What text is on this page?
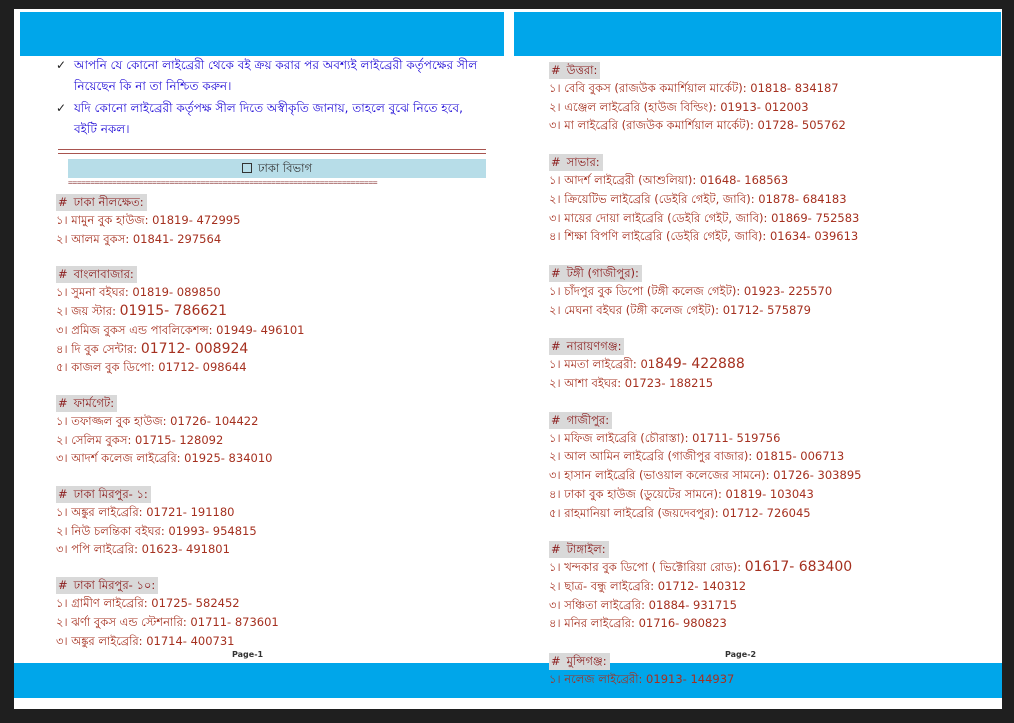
✓ আপনি যে কোনো লাইব্রেরী থেকে বই ক্রয় করার পর অবশ্যই লাইব্রেরী কর্তৃপক্ষের সীল নিয়েছেন কি না তা নিশ্চিত করুন।

✓ যদি কোনো লাইব্রেরী কর্তৃপক্ষ সীল দিতে অস্বীকৃতি জানায়, তাহলে বুঝে নিতে হবে, বইটি নকল।

ঢাকা বিভাগ
======================================================================
# ঢাকা নীলক্ষেত:
১। মামুন বুক হাউজ: 01819- 472995
২। আলম বুকস: 01841- 297564
# বাংলাবাজার:
১। সুমনা বইঘর: 01819- 089850
২। জয় স্টার: 01915- 786621
৩। প্রমিজ বুকস এন্ড পাবলিকেশন্স: 01949- 496101
৪। দি বুক সেন্টার: 01712- 008924
৫। কাজল বুক ডিপো: 01712- 098644
# ফার্মগেট:
১। তফাজ্জল বুক হাউজ: 01726- 104422
২। সেলিম বুকস: 01715- 128092
৩। আদর্শ কলেজ লাইব্রেরি: 01925- 834010
# ঢাকা মিরপুর- ১:
১। অঙ্কুর লাইব্রেরি: 01721- 191180
২। নিউ চলন্তিকা বইঘর: 01993- 954815
৩। পপি লাইব্রেরি: 01623- 491801
# ঢাকা মিরপুর- ১০:
১। গ্রামীণ লাইব্রেরি: 01725- 582452
২। ঝর্ণা বুকস এন্ড স্টেশনারি: 01711- 873601
৩। অঙ্কুর লাইব্রেরি: 01714- 400731
# উত্তরা:
১। বেবি বুকস (রাজউক কমার্শিয়াল মার্কেট): 01818- 834187
২। এঞ্জেল লাইব্রেরি (হাউজ বিল্ডিং): 01913- 012003
৩। মা লাইব্রেরি (রাজউক কমার্শিয়াল মার্কেট): 01728- 505762
# সাভার:
১। আদর্শ লাইব্রেরী (আশুলিয়া): 01648- 168563
২। ক্রিয়েটিভ লাইব্রেরি (ডেইরি গেইট, জাবি): 01878- 684183
৩। মায়ের দোয়া লাইব্রেরি (ডেইরি গেইট, জাবি): 01869- 752583
৪। শিক্ষা বিপণি লাইব্রেরি (ডেইরি গেইট, জাবি): 01634- 039613
# টঙ্গী (গাজীপুর):
১। চাঁদপুর বুক ডিপো (টঙ্গী কলেজ গেইট): 01923- 225570
২। মেঘনা বইঘর (টঙ্গী কলেজ গেইট): 01712- 575879
# নারায়ণগঞ্জ:
১। মমতা লাইব্রেরী: 01849- 422888
২। আশা বইঘর: 01723- 188215
# গাজীপুর:
১। মফিজ লাইব্রেরি (চৌরাস্তা): 01711- 519756
২। আল আমিন লাইব্রেরি (গাজীপুর বাজার): 01815- 006713
৩। হাসান লাইব্রেরি (ভাওয়াল কলেজের সামনে): 01726- 303895
৪। ঢাকা বুক হাউজ (ডুয়েটের সামনে): 01819- 103043
৫। রাহমানিয়া লাইব্রেরি (জয়দেবপুর): 01712- 726045
# টাঙ্গাইল:
১। খন্দকার বুক ডিপো ( ভিক্টোরিয়া রোড): 01617- 683400
২। ছাত্র- বন্ধু লাইব্রেরি: 01712- 140312
৩। সঞ্চিতা লাইব্রেরি: 01884- 931715
৪। মনির লাইব্রেরি: 01716- 980823
# মুন্সিগঞ্জ:
১। নলেজ লাইব্রেরী: 01913- 144937
Page-1	Page-2
